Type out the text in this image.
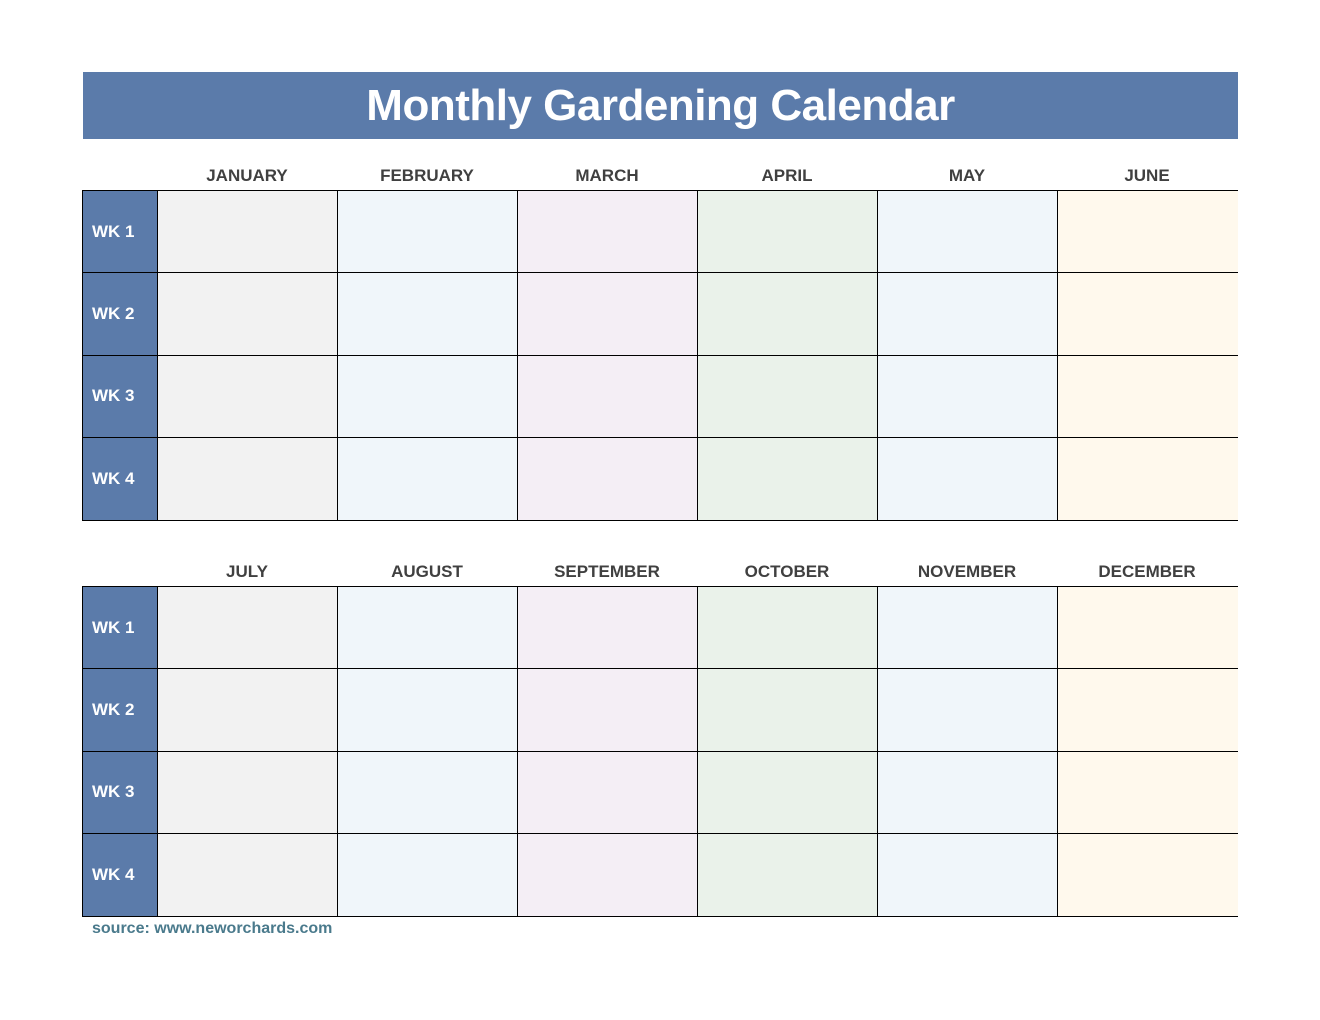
Monthly Gardening Calendar
JANUARY	FEBRUARY	MARCH	APRIL	MAY	JUNE
WK 1
WK 2
WK 3
WK 4
JULY	AUGUST	SEPTEMBER	OCTOBER	NOVEMBER	DECEMBER
WK 1
WK 2
WK 3
WK 4
source: www.neworchards.com
